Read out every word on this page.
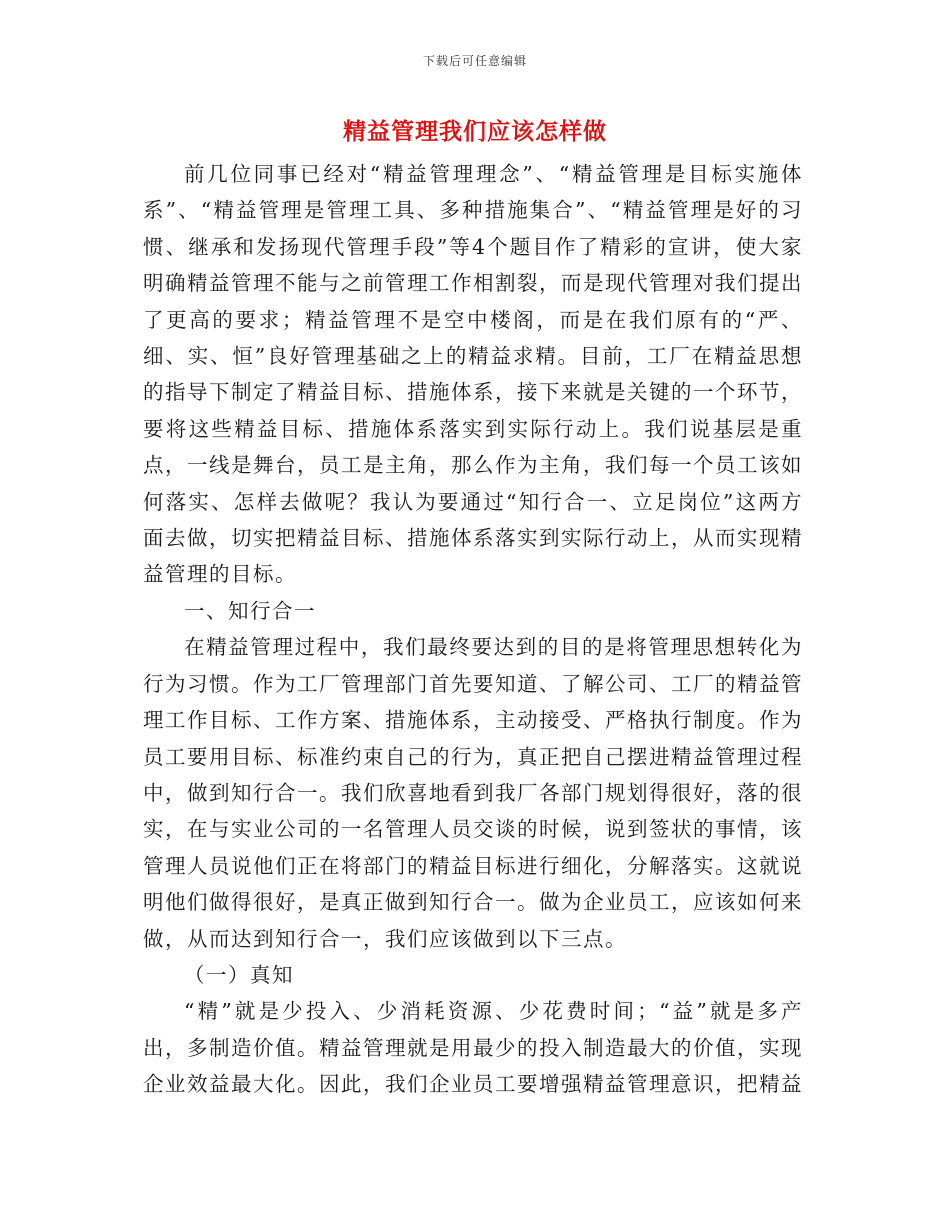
下载后可任意编辑
精益管理我们应该怎样做

前几位同事已经对“精益管理理念”、“精益管理是目标实施体系”、“精益管理是管理工具、多种措施集合”、“精益管理是好的习惯、继承和发扬现代管理手段”等4个题目作了精彩的宣讲，使大家明确精益管理不能与之前管理工作相割裂，而是现代管理对我们提出了更高的要求；精益管理不是空中楼阁，而是在我们原有的“严、细、实、恒”良好管理基础之上的精益求精。目前，工厂在精益思想的指导下制定了精益目标、措施体系，接下来就是关键的一个环节，要将这些精益目标、措施体系落实到实际行动上。我们说基层是重点，一线是舞台，员工是主角，那么作为主角，我们每一个员工该如何落实、怎样去做呢？我认为要通过“知行合一、立足岗位”这两方面去做，切实把精益目标、措施体系落实到实际行动上，从而实现精益管理的目标。

一、知行合一

在精益管理过程中，我们最终要达到的目的是将管理思想转化为行为习惯。作为工厂管理部门首先要知道、了解公司、工厂的精益管理工作目标、工作方案、措施体系，主动接受、严格执行制度。作为员工要用目标、标准约束自己的行为，真正把自己摆进精益管理过程中，做到知行合一。我们欣喜地看到我厂各部门规划得很好，落的很实，在与实业公司的一名管理人员交谈的时候，说到签状的事情，该管理人员说他们正在将部门的精益目标进行细化，分解落实。这就说明他们做得很好，是真正做到知行合一。做为企业员工，应该如何来做，从而达到知行合一，我们应该做到以下三点。

（一）真知

“精”就是少投入、少消耗资源、少花费时间；“益”就是多产出，多制造价值。精益管理就是用最少的投入制造最大的价值，实现企业效益最大化。因此，我们企业员工要增强精益管理意识，把精益
